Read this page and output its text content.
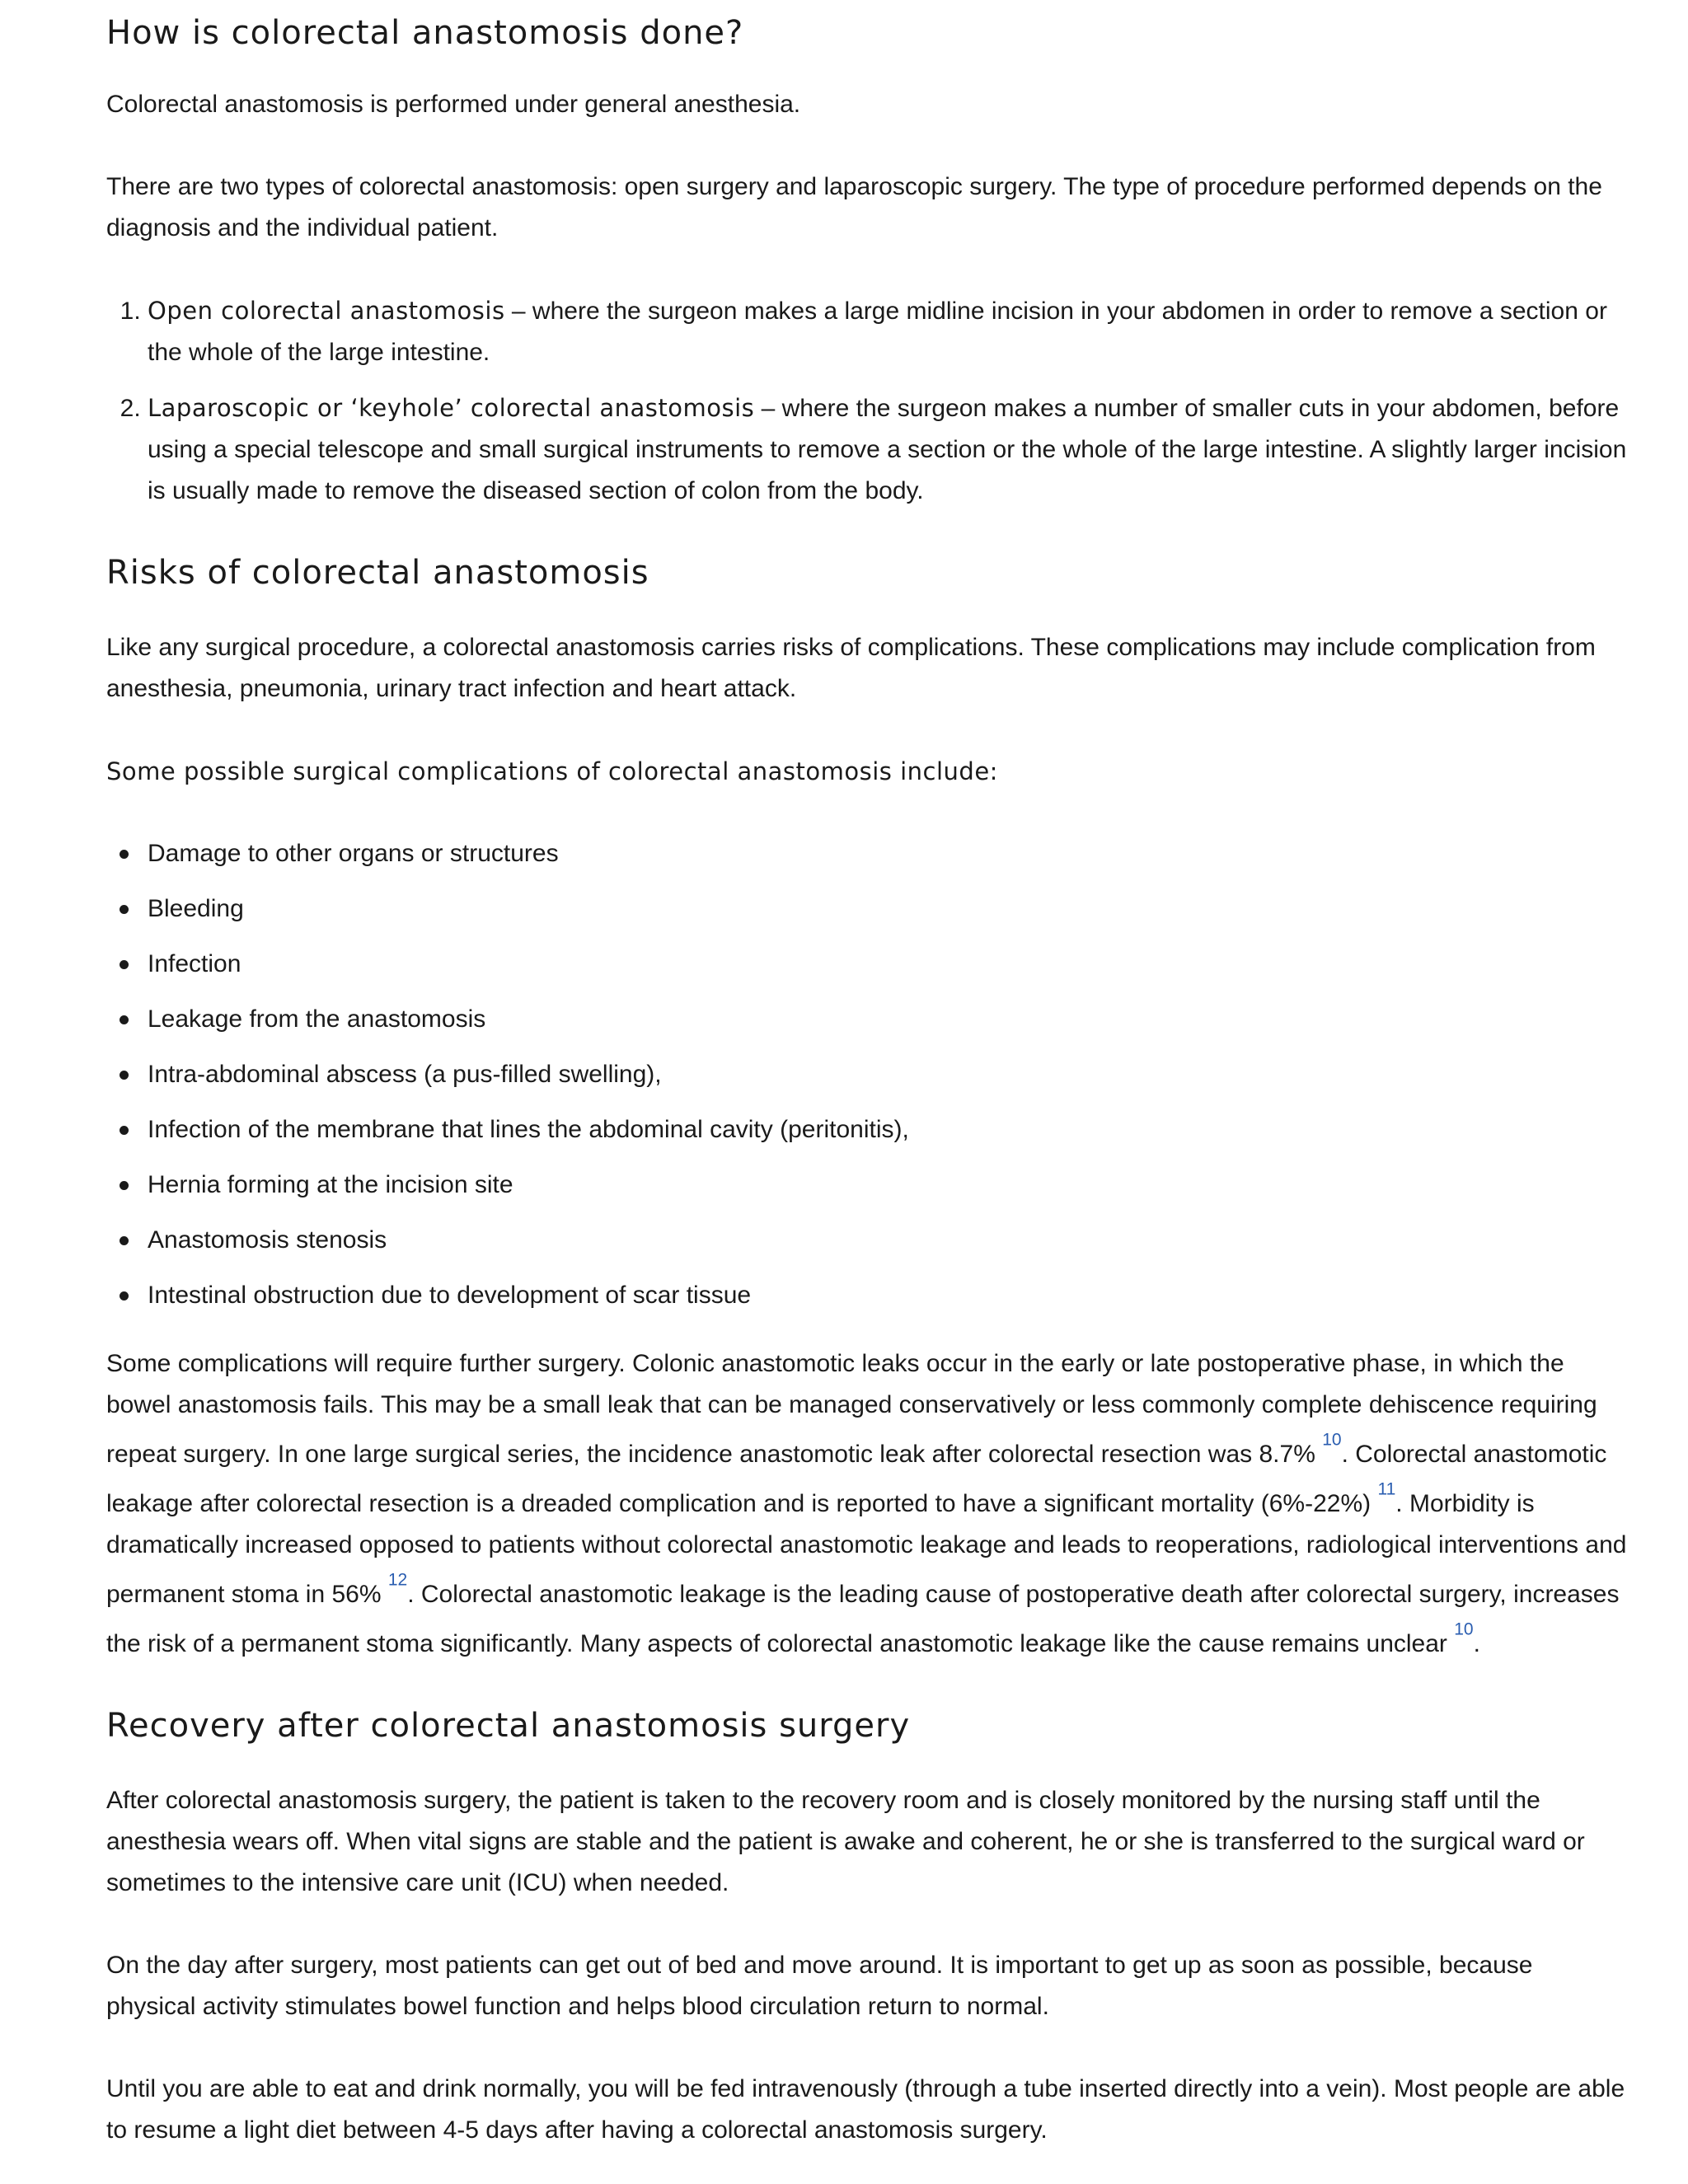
How is colorectal anastomosis done?

Colorectal anastomosis is performed under general anesthesia.

There are two types of colorectal anastomosis: open surgery and laparoscopic surgery. The type of procedure performed depends on the diagnosis and the individual patient.

1. Open colorectal anastomosis – where the surgeon makes a large midline incision in your abdomen in order to remove a section or the whole of the large intestine.
2. Laparoscopic or ‘keyhole’ colorectal anastomosis – where the surgeon makes a number of smaller cuts in your abdomen, before using a special telescope and small surgical instruments to remove a section or the whole of the large intestine. A slightly larger incision is usually made to remove the diseased section of colon from the body.
Risks of colorectal anastomosis

Like any surgical procedure, a colorectal anastomosis carries risks of complications. These complications may include complication from anesthesia, pneumonia, urinary tract infection and heart attack.

Some possible surgical complications of colorectal anastomosis include:

Damage to other organs or structures
Bleeding
Infection
Leakage from the anastomosis
Intra-abdominal abscess (a pus-filled swelling),
Infection of the membrane that lines the abdominal cavity (peritonitis),
Hernia forming at the incision site
Anastomosis stenosis
Intestinal obstruction due to development of scar tissue

Some complications will require further surgery. Colonic anastomotic leaks occur in the early or late postoperative phase, in which the bowel anastomosis fails. This may be a small leak that can be managed conservatively or less commonly complete dehiscence requiring repeat surgery. In one large surgical series, the incidence anastomotic leak after colorectal resection was 8.7% $^{^{10}}$. Colorectal anastomotic leakage after colorectal resection is a dreaded complication and is reported to have a significant mortality (6%-22%) $^{^{11}}$. Morbidity is dramatically increased opposed to patients without colorectal anastomotic leakage and leads to reoperations, radiological interventions and permanent stoma in 56% $^{^{12}}$. Colorectal anastomotic leakage is the leading cause of postoperative death after colorectal surgery, increases the risk of a permanent stoma significantly. Many aspects of colorectal anastomotic leakage like the cause remains unclear $^{^{10}}$.

Recovery after colorectal anastomosis surgery

After colorectal anastomosis surgery, the patient is taken to the recovery room and is closely monitored by the nursing staff until the anesthesia wears off. When vital signs are stable and the patient is awake and coherent, he or she is transferred to the surgical ward or sometimes to the intensive care unit (ICU) when needed.

On the day after surgery, most patients can get out of bed and move around. It is important to get up as soon as possible, because physical activity stimulates bowel function and helps blood circulation return to normal.

Until you are able to eat and drink normally, you will be fed intravenously (through a tube inserted directly into a vein). Most people are able to resume a light diet between 4-5 days after having a colorectal anastomosis surgery.
